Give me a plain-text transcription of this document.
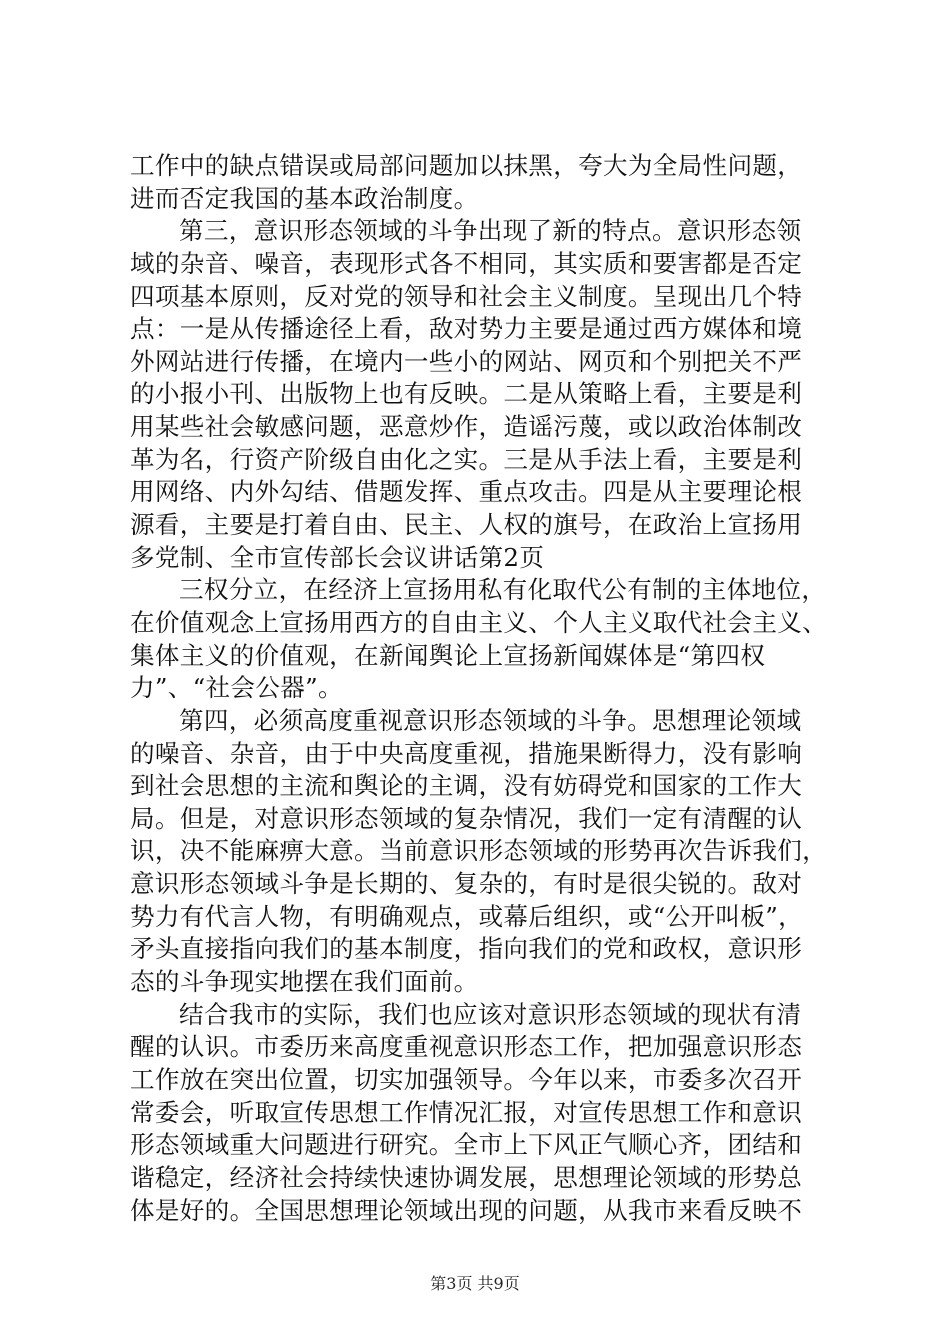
工作中的缺点错误或局部问题加以抹黑，夸大为全局性问题，
进而否定我国的基本政治制度。
第三，意识形态领域的斗争出现了新的特点。意识形态领
域的杂音、噪音，表现形式各不相同，其实质和要害都是否定
四项基本原则，反对党的领导和社会主义制度。呈现出几个特
点：一是从传播途径上看，敌对势力主要是通过西方媒体和境
外网站进行传播，在境内一些小的网站、网页和个别把关不严
的小报小刊、出版物上也有反映。二是从策略上看，主要是利
用某些社会敏感问题，恶意炒作，造谣污蔑，或以政治体制改
革为名，行资产阶级自由化之实。三是从手法上看，主要是利
用网络、内外勾结、借题发挥、重点攻击。四是从主要理论根
源看，主要是打着自由、民主、人权的旗号，在政治上宣扬用
多党制、全市宣传部长会议讲话第2页
三权分立，在经济上宣扬用私有化取代公有制的主体地位，
在价值观念上宣扬用西方的自由主义、个人主义取代社会主义、
集体主义的价值观，在新闻舆论上宣扬新闻媒体是“第四权
力”、“社会公器”。
第四，必须高度重视意识形态领域的斗争。思想理论领域
的噪音、杂音，由于中央高度重视，措施果断得力，没有影响
到社会思想的主流和舆论的主调，没有妨碍党和国家的工作大
局。但是，对意识形态领域的复杂情况，我们一定有清醒的认
识，决不能麻痹大意。当前意识形态领域的形势再次告诉我们，
意识形态领域斗争是长期的、复杂的，有时是很尖锐的。敌对
势力有代言人物，有明确观点，或幕后组织，或“公开叫板”，
矛头直接指向我们的基本制度，指向我们的党和政权，意识形
态的斗争现实地摆在我们面前。
结合我市的实际，我们也应该对意识形态领域的现状有清
醒的认识。市委历来高度重视意识形态工作，把加强意识形态
工作放在突出位置，切实加强领导。今年以来，市委多次召开
常委会，听取宣传思想工作情况汇报，对宣传思想工作和意识
形态领域重大问题进行研究。全市上下风正气顺心齐，团结和
谐稳定，经济社会持续快速协调发展，思想理论领域的形势总
体是好的。全国思想理论领域出现的问题，从我市来看反映不
第3页 共9页
